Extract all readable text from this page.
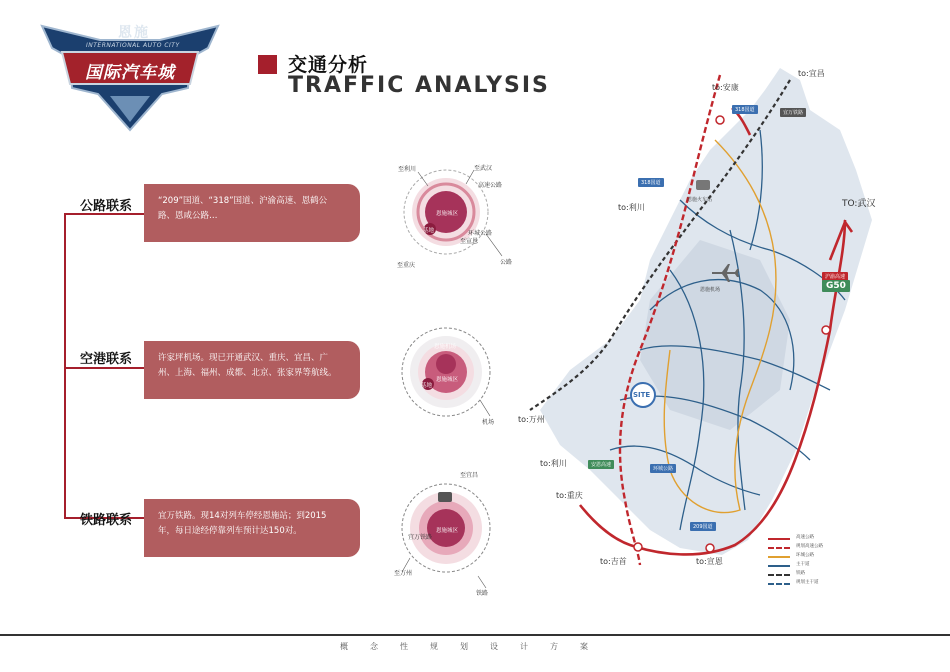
恩施
INTERNATIONAL AUTO CITY
国际汽车城	交通分析
TRAFFIC ANALYSIS
公路联系	“209”国道、“318”国道、沪渝高速、恩鹤公路、恩咸公路…
空港联系	许家坪机场。现已开通武汉、重庆、宜昌、广州、上海、福州、成都、北京、张家界等航线。
铁路联系	宜万铁路。现14对列车停经恩施站；到2015年，每日途经停靠列车预计达150对。
恩施城区
基地
至利川	至武汉
高速公路
环城公路
至宣恩
至重庆	公路
恩施机场
恩施城区
基地
机场
至宜昌
恩施城区
宜万铁路
至万州
铁路
to:安康
to:宜昌
to:利川	TO:武汉
to:万州
to:利川
to:重庆
to:吉首	to:宣恩
恩施火车站
恩施机场
SITE
318国道
318国道
宜万铁路
安恩高速
环城公路
209国道
沪渝高速
G50
高速公路
规划高速公路
环城公路
主干道
铁路
规划主干道
概念性规划设计方案
